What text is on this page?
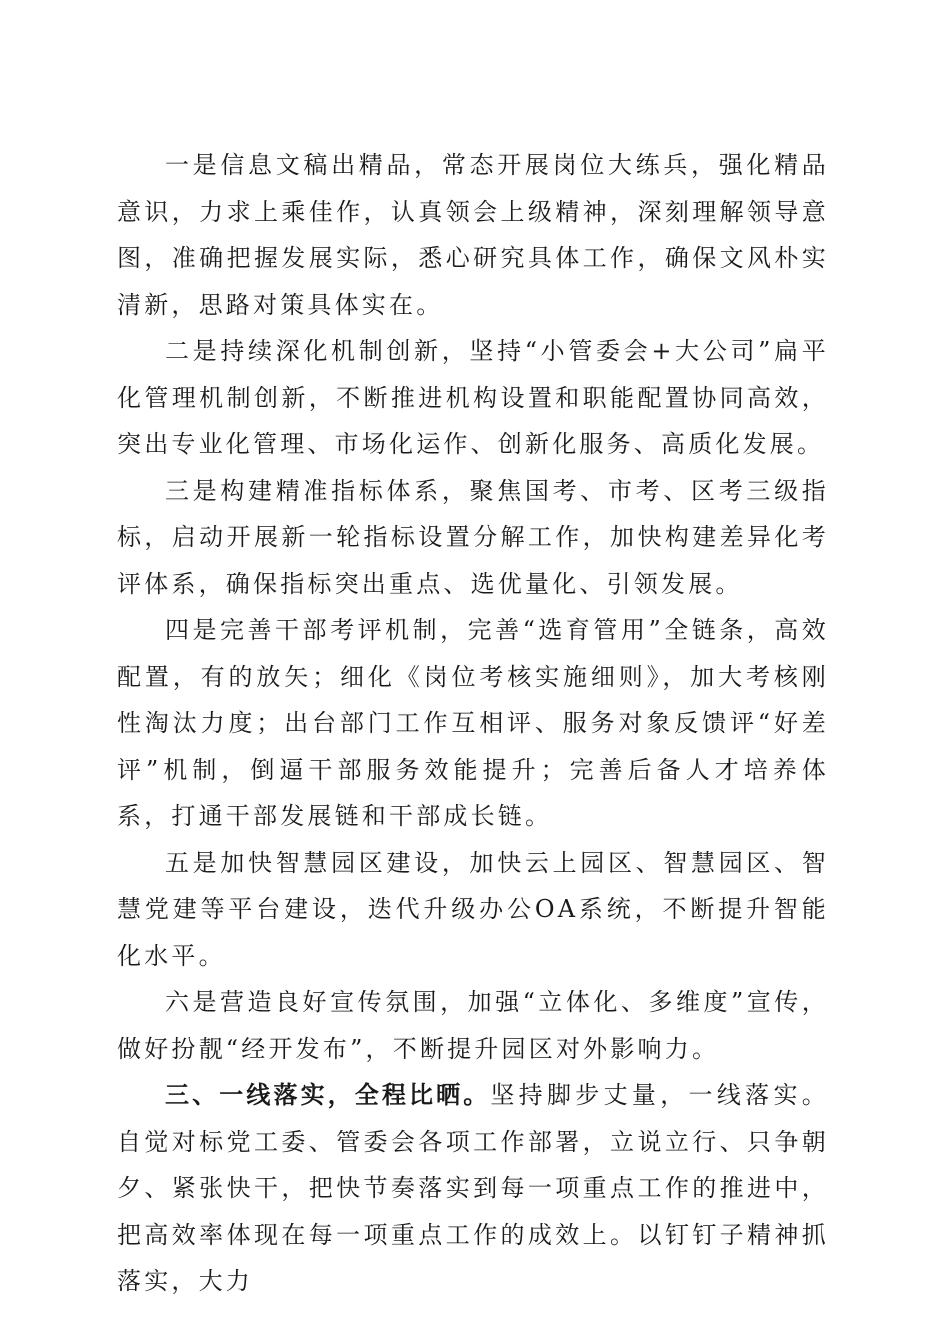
一是信息文稿出精品，常态开展岗位大练兵，强化精品意识，力求上乘佳作，认真领会上级精神，深刻理解领导意图，准确把握发展实际，悉心研究具体工作，确保文风朴实清新，思路对策具体实在。

二是持续深化机制创新，坚持“小管委会+大公司”扁平化管理机制创新，不断推进机构设置和职能配置协同高效，突出专业化管理、市场化运作、创新化服务、高质化发展。

三是构建精准指标体系，聚焦国考、市考、区考三级指标，启动开展新一轮指标设置分解工作，加快构建差异化考评体系，确保指标突出重点、选优量化、引领发展。

四是完善干部考评机制，完善“选育管用”全链条，高效配置，有的放矢；细化《岗位考核实施细则》，加大考核刚性淘汰力度；出台部门工作互相评、服务对象反馈评“好差评”机制，倒逼干部服务效能提升；完善后备人才培养体系，打通干部发展链和干部成长链。

五是加快智慧园区建设，加快云上园区、智慧园区、智慧党建等平台建设，迭代升级办公OA系统，不断提升智能化水平。

六是营造良好宣传氛围，加强“立体化、多维度”宣传，做好扮靓“经开发布”，不断提升园区对外影响力。

三、一线落实，全程比晒。坚持脚步丈量，一线落实。自觉对标党工委、管委会各项工作部署，立说立行、只争朝夕、紧张快干，把快节奏落实到每一项重点工作的推进中，把高效率体现在每一项重点工作的成效上。以钉钉子精神抓落实，大力
